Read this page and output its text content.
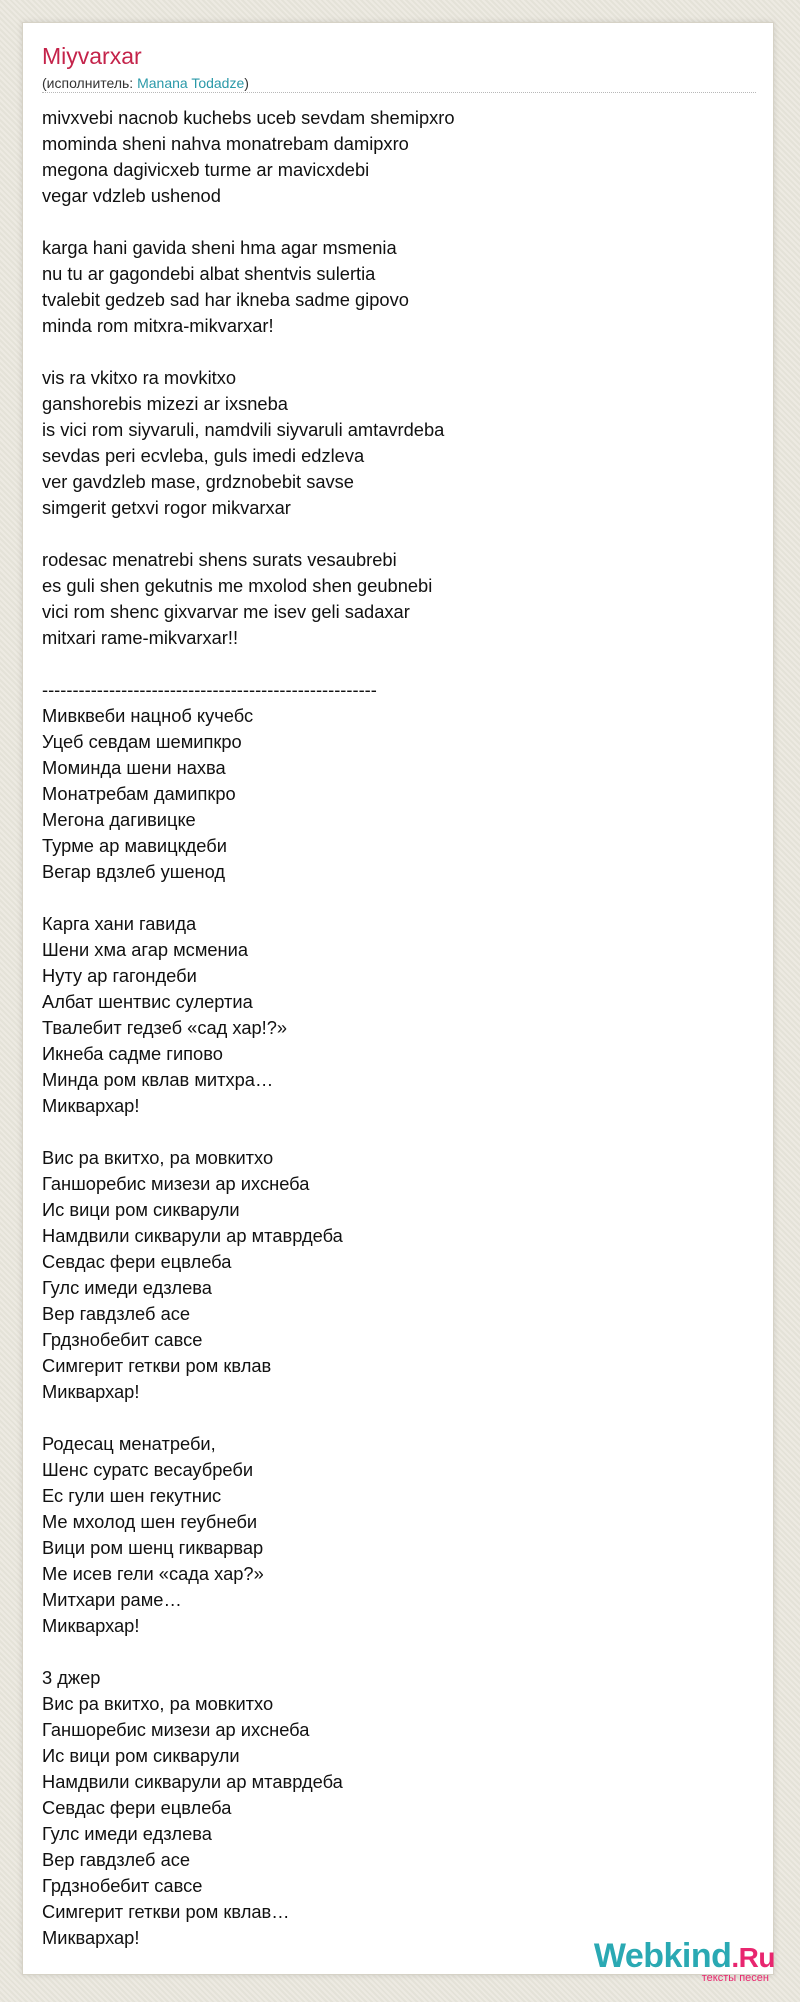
Miyvarxar
(исполнитель: Manana Todadze)
mivxvebi nacnob kuchebs uceb sevdam shemipxro
mominda sheni nahva monatrebam damipxro
megona dagivicxeb turme ar mavicxdebi
vegar vdzleb ushenod
karga hani gavida sheni hma agar msmenia
nu tu ar gagondebi albat shentvis sulertia
tvalebit gedzeb sad har ikneba sadme gipovo
minda rom mitxra-mikvarxar!
vis ra vkitxo ra movkitxo
ganshorebis mizezi ar ixsneba
is vici rom siyvaruli, namdvili siyvaruli amtavrdeba
sevdas peri ecvleba, guls imedi edzleva
ver gavdzleb mase, grdznobebit savse
simgerit getxvi rogor mikvarxar
rodesac menatrebi shens surats vesaubrebi
es guli shen gekutnis me mxolod shen geubnebi
vici rom shenc gixvarvar me isev geli sadaxar
mitxari rame-mikvarxar!!
-------------------------------------------------------
Мивквеби нацноб кучебс
Уцеб севдам шемипкро
Моминда шени нахва
Монатребам дамипкро
Мегона дагивицкe
Турме ар мавицкдеби
Вегар вдзлеб ушенод
Карга хани гавида
Шени хма агар мсмениа
Нуту ар гагондеби
Албат шентвис сулертиа
Твалебит гедзеб «сад хар!?»
Икнеба садме гипово
Минда ром квлав митхра…
Миквархар!
Вис ра вкитхо, ра мовкитхо
Ганшоребис мизези ар ихснеба
Ис вици ром сикварули
Намдвили сикварули ар мтаврдеба
Севдас фери ецвлеба
Гулс имеди едзлева
Вер гавдзлеб асе
Грдзнобебит савсе
Симгерит геткви ром квлав
Миквархар!
Родесац менатреби,
Шенс суратс весаубреби
Ес гули шен гекутнис
Ме мхолод шен геубнеби
Вици ром шенц гикварвар
Ме исев гели «сада хар?»
Митхари раме…
Миквархар!
3 джер
Вис ра вкитхо, ра мовкитхо
Ганшоребис мизези ар ихснеба
Ис вици ром сикварули
Намдвили сикварули ар мтаврдеба
Севдас фери ецвлеба
Гулс имеди едзлева
Вер гавдзлеб асе
Грдзнобебит савсе
Симгерит геткви ром квлав…
Миквархар!	Webkind.Ru
тексты песен
